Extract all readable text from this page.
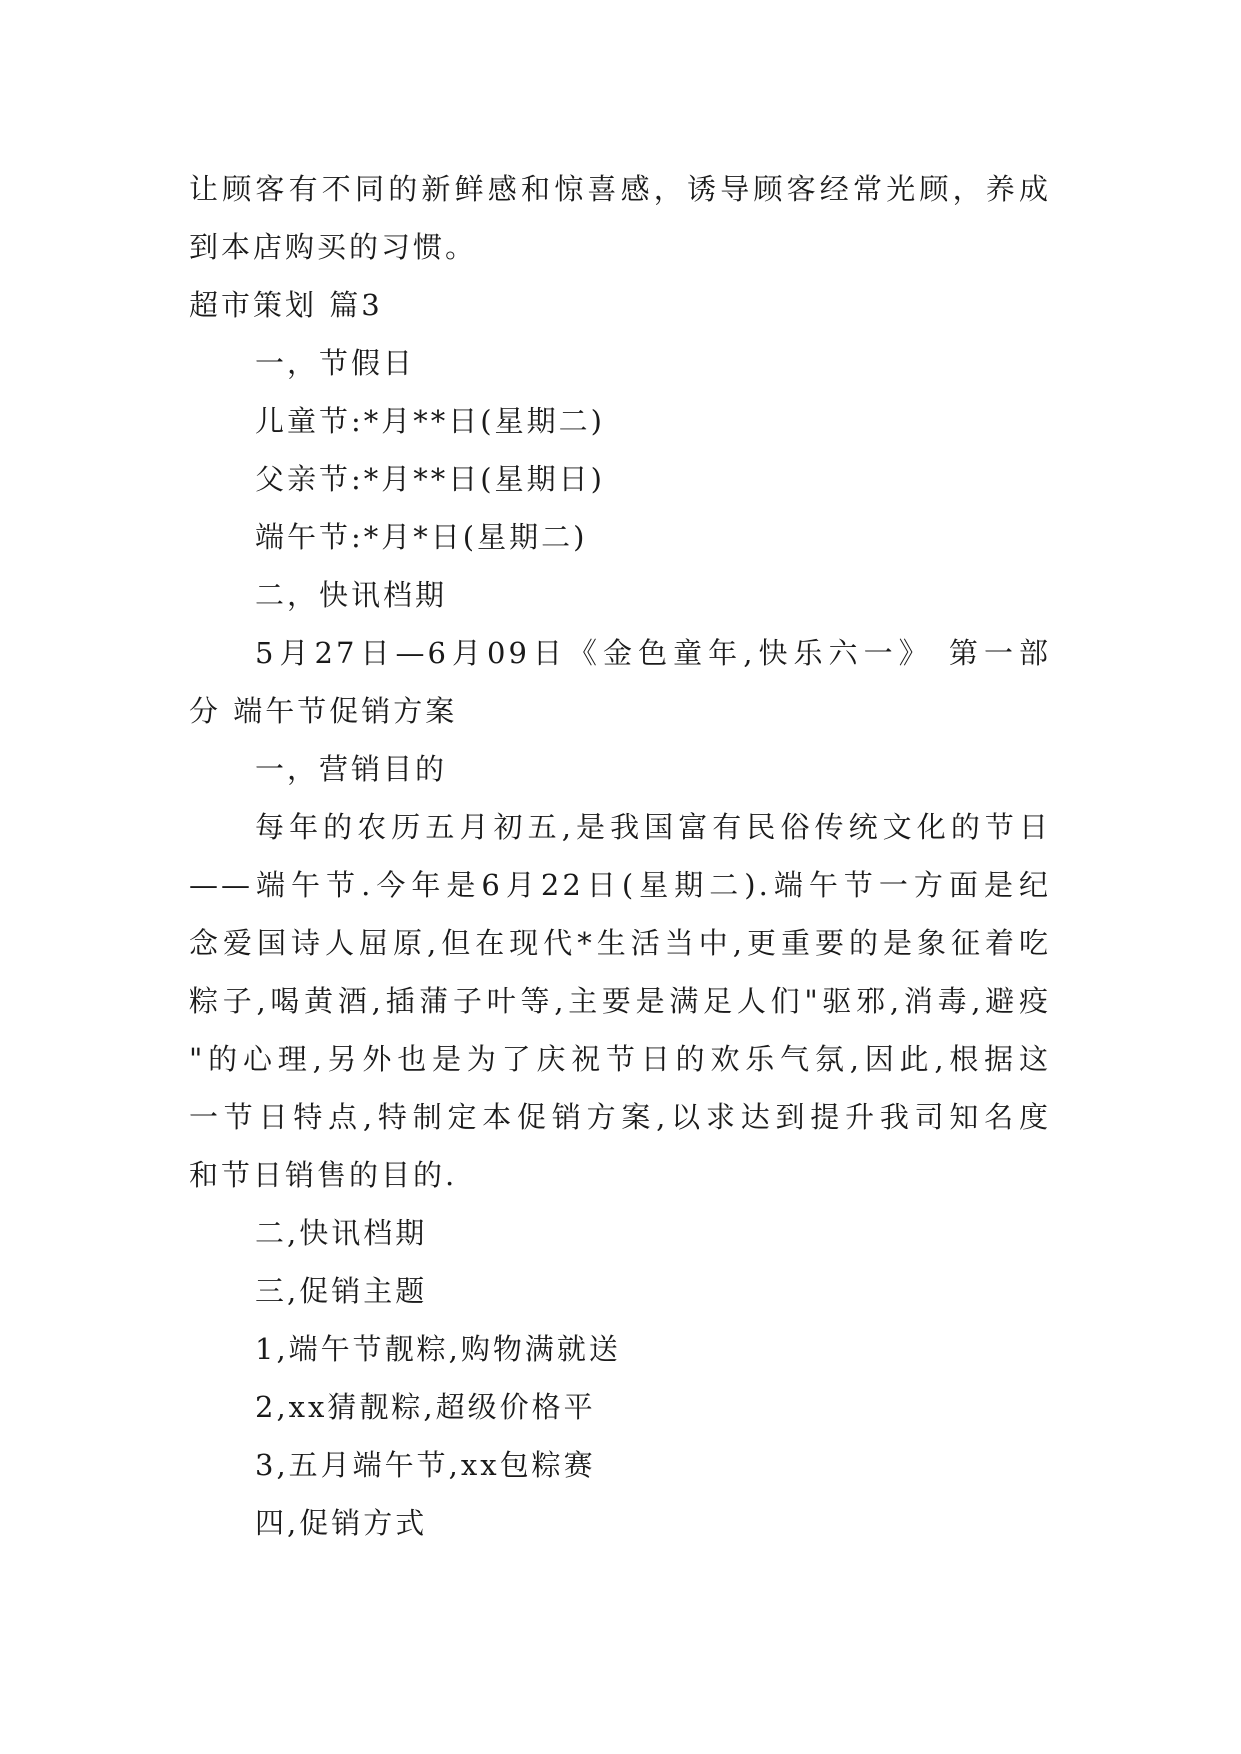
让顾客有不同的新鲜感和惊喜感，诱导顾客经常光顾，养成
到本店购买的习惯。
超市策划 篇3
一，节假日
儿童节:*月**日(星期二)
父亲节:*月**日(星期日)
端午节:*月*日(星期二)
二，快讯档期
5月27日—6月09日《金色童年,快乐六一》 第一部
分 端午节促销方案
一，营销目的
每年的农历五月初五,是我国富有民俗传统文化的节日
——端午节.今年是6月22日(星期二).端午节一方面是纪
念爱国诗人屈原,但在现代*生活当中,更重要的是象征着吃
粽子,喝黄酒,插蒲子叶等,主要是满足人们"驱邪,消毒,避疫
"的心理,另外也是为了庆祝节日的欢乐气氛,因此,根据这
一节日特点,特制定本促销方案,以求达到提升我司知名度
和节日销售的目的.
二,快讯档期
三,促销主题
1,端午节靓粽,购物满就送
2,xx猜靓粽,超级价格平
3,五月端午节,xx包粽赛
四,促销方式
